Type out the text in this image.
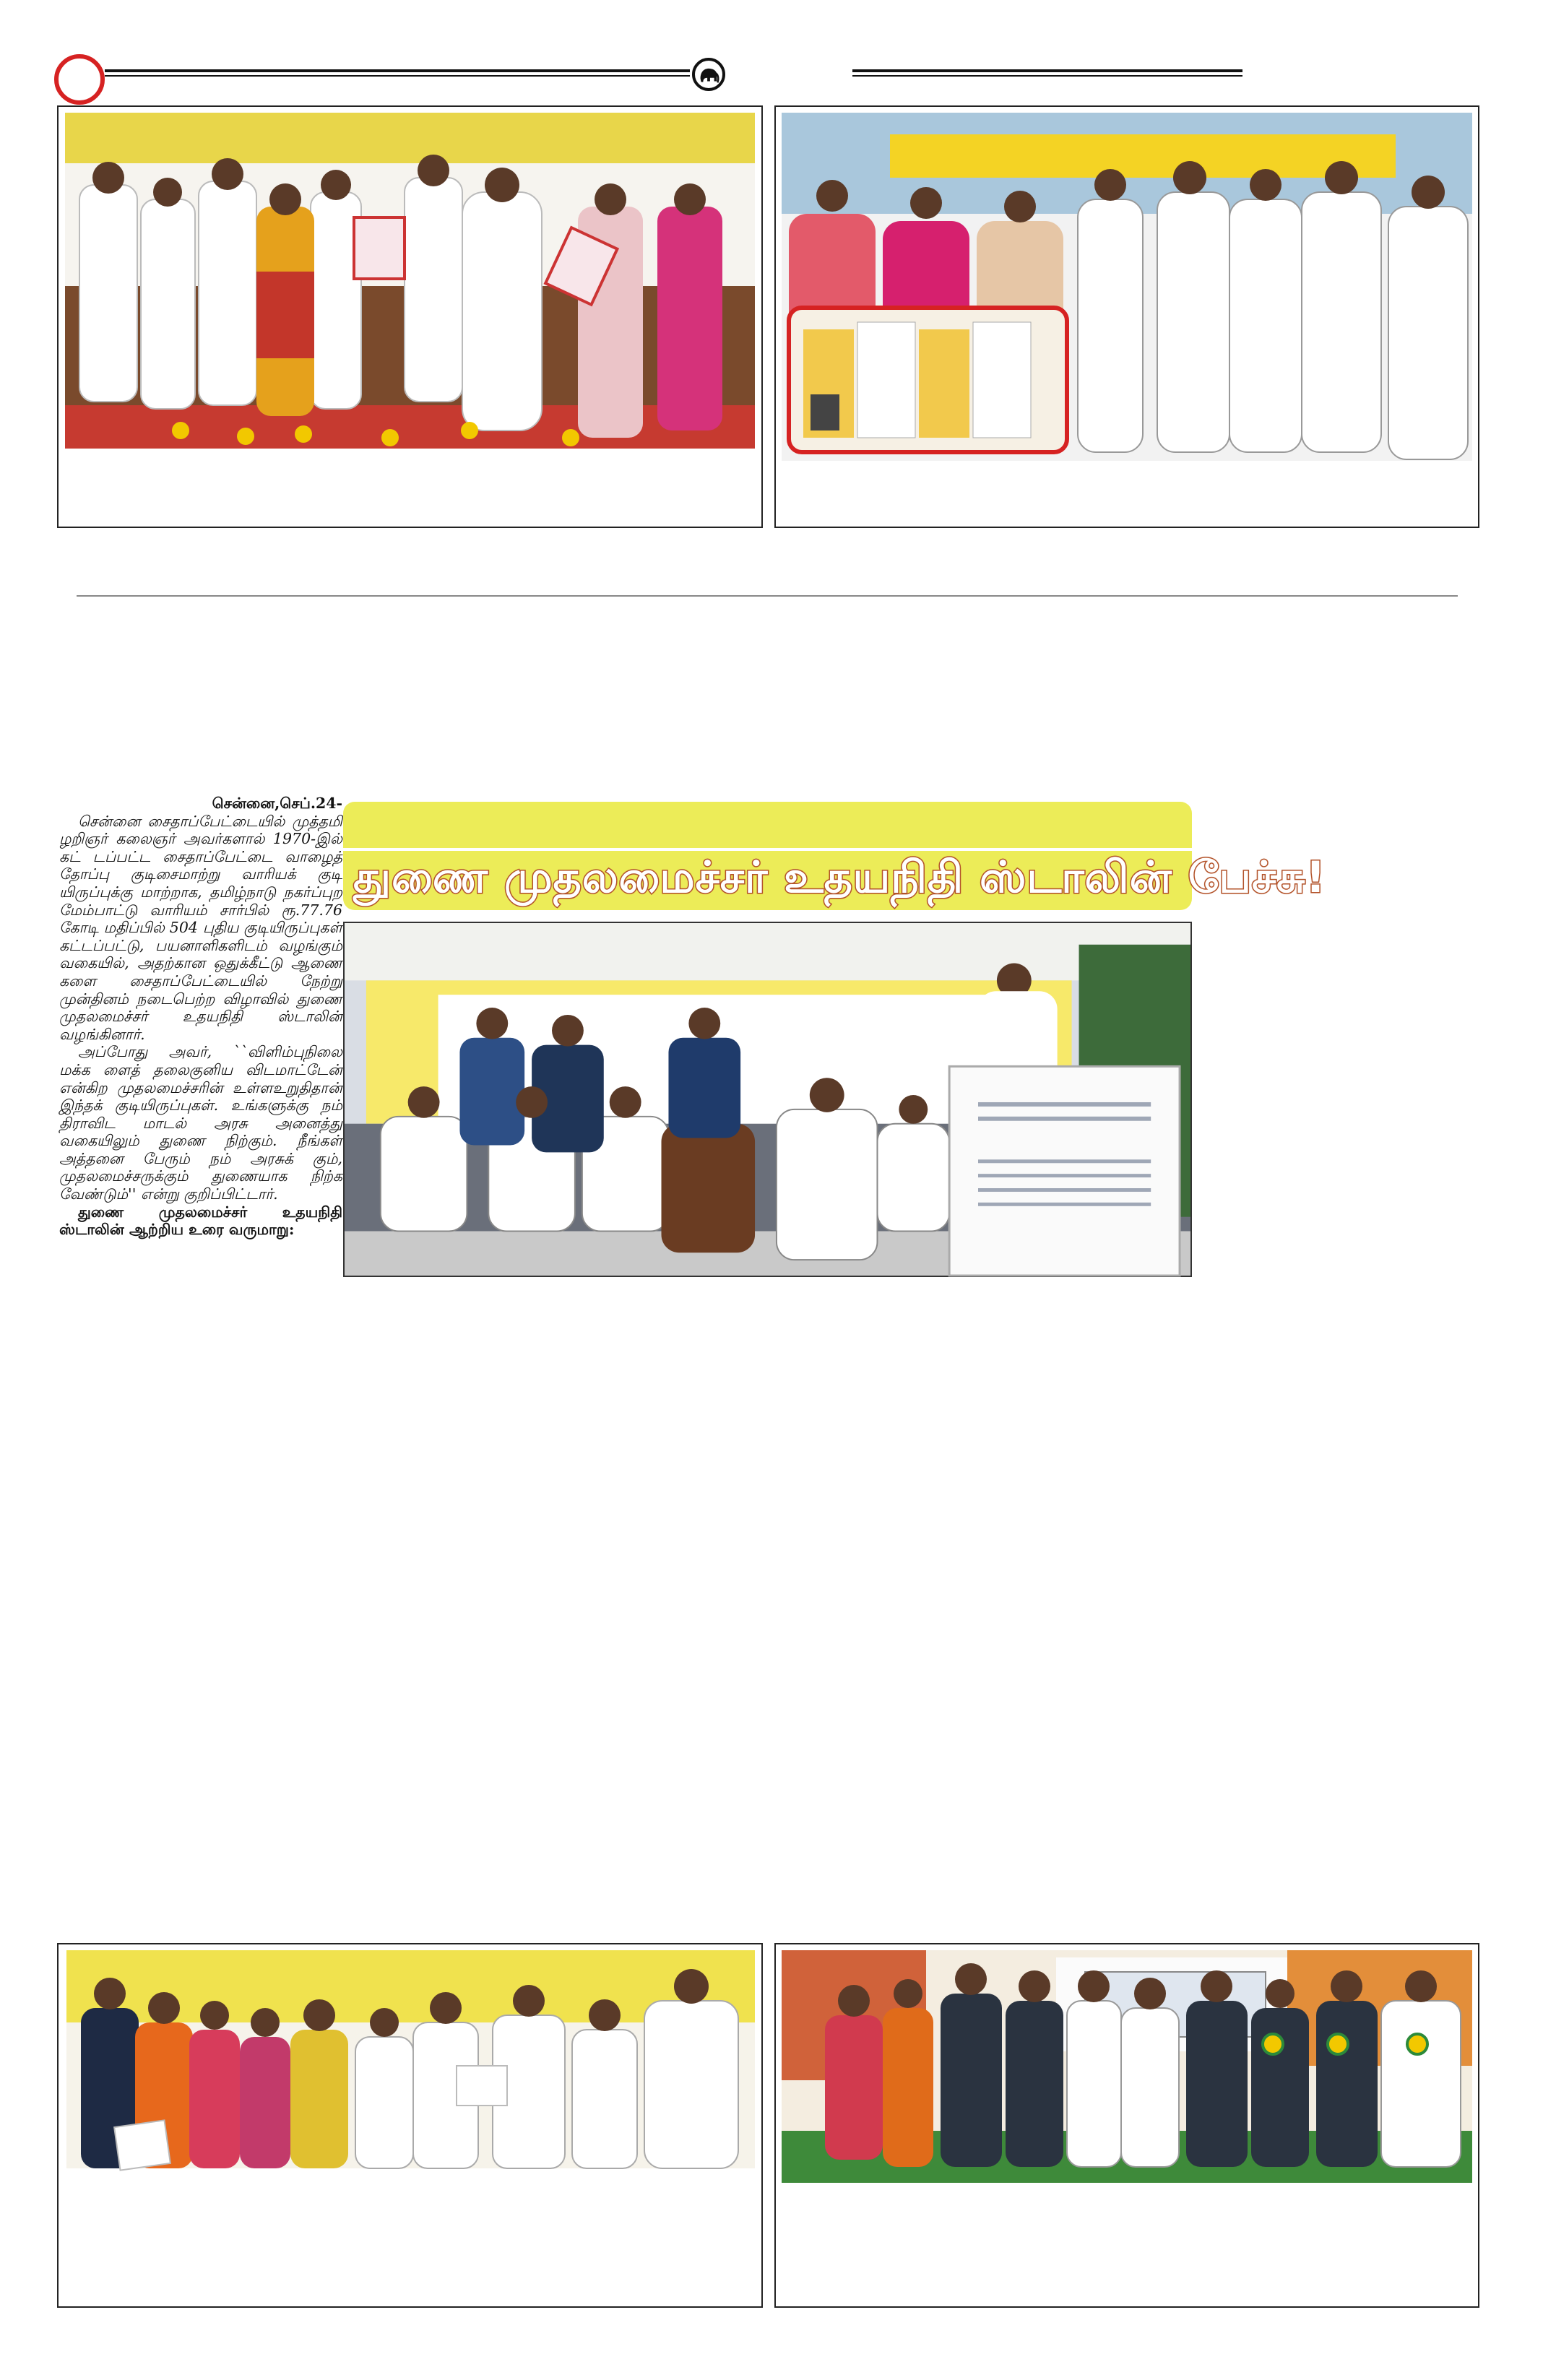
சென்னை,செப்.24-

சென்னை சைதாப்பேட்டையில் முத்தமி ழறிஞர் கலைஞர் அவர்களால் 1970-இல் கட் டப்பட்ட சைதாப்பேட்டை வாழைத் தோப்பு குடிசைமாற்று வாரியக் குடி யிருப்புக்கு மாற்றாக, தமிழ்நாடு நகர்ப்புற மேம்பாட்டு வாரியம் சார்பில் ரூ.77.76 கோடி மதிப்பில் 504 புதிய குடியிருப்புகள் கட்டப்பட்டு, பயனாளிகளிடம் வழங்கும் வகையில், அதற்கான ஒதுக்கீட்டு ஆணை களை சைதாப்பேட்டையில் நேற்று முன்தினம் நடைபெற்ற விழாவில் துணை முதலமைச்சர் உதயநிதி ஸ்டாலின் வழங்கினார்.

அப்போது அவர், ``விளிம்புநிலை மக்க ளைத் தலைகுனிய விடமாட்டேன் என்கிற முதலமைச்சரின் உள்ளஉறுதிதான் இந்தக் குடியிருப்புகள். உங்களுக்கு நம் திராவிட மாடல் அரசு அனைத்து வகையிலும் துணை நிற்கும். நீங்கள் அத்தனை பேரும் நம் அரசுக் கும், முதலமைச்சருக்கும் துணையாக நிற்க வேண்டும்'' என்று குறிப்பிட்டார்.

துணை முதலமைச்சர் உதயநிதி ஸ்டாலின் ஆற்றிய உரை வருமாறு:

துணை முதலமைச்சர் உதயநிதி ஸ்டாலின் பேச்சு!
